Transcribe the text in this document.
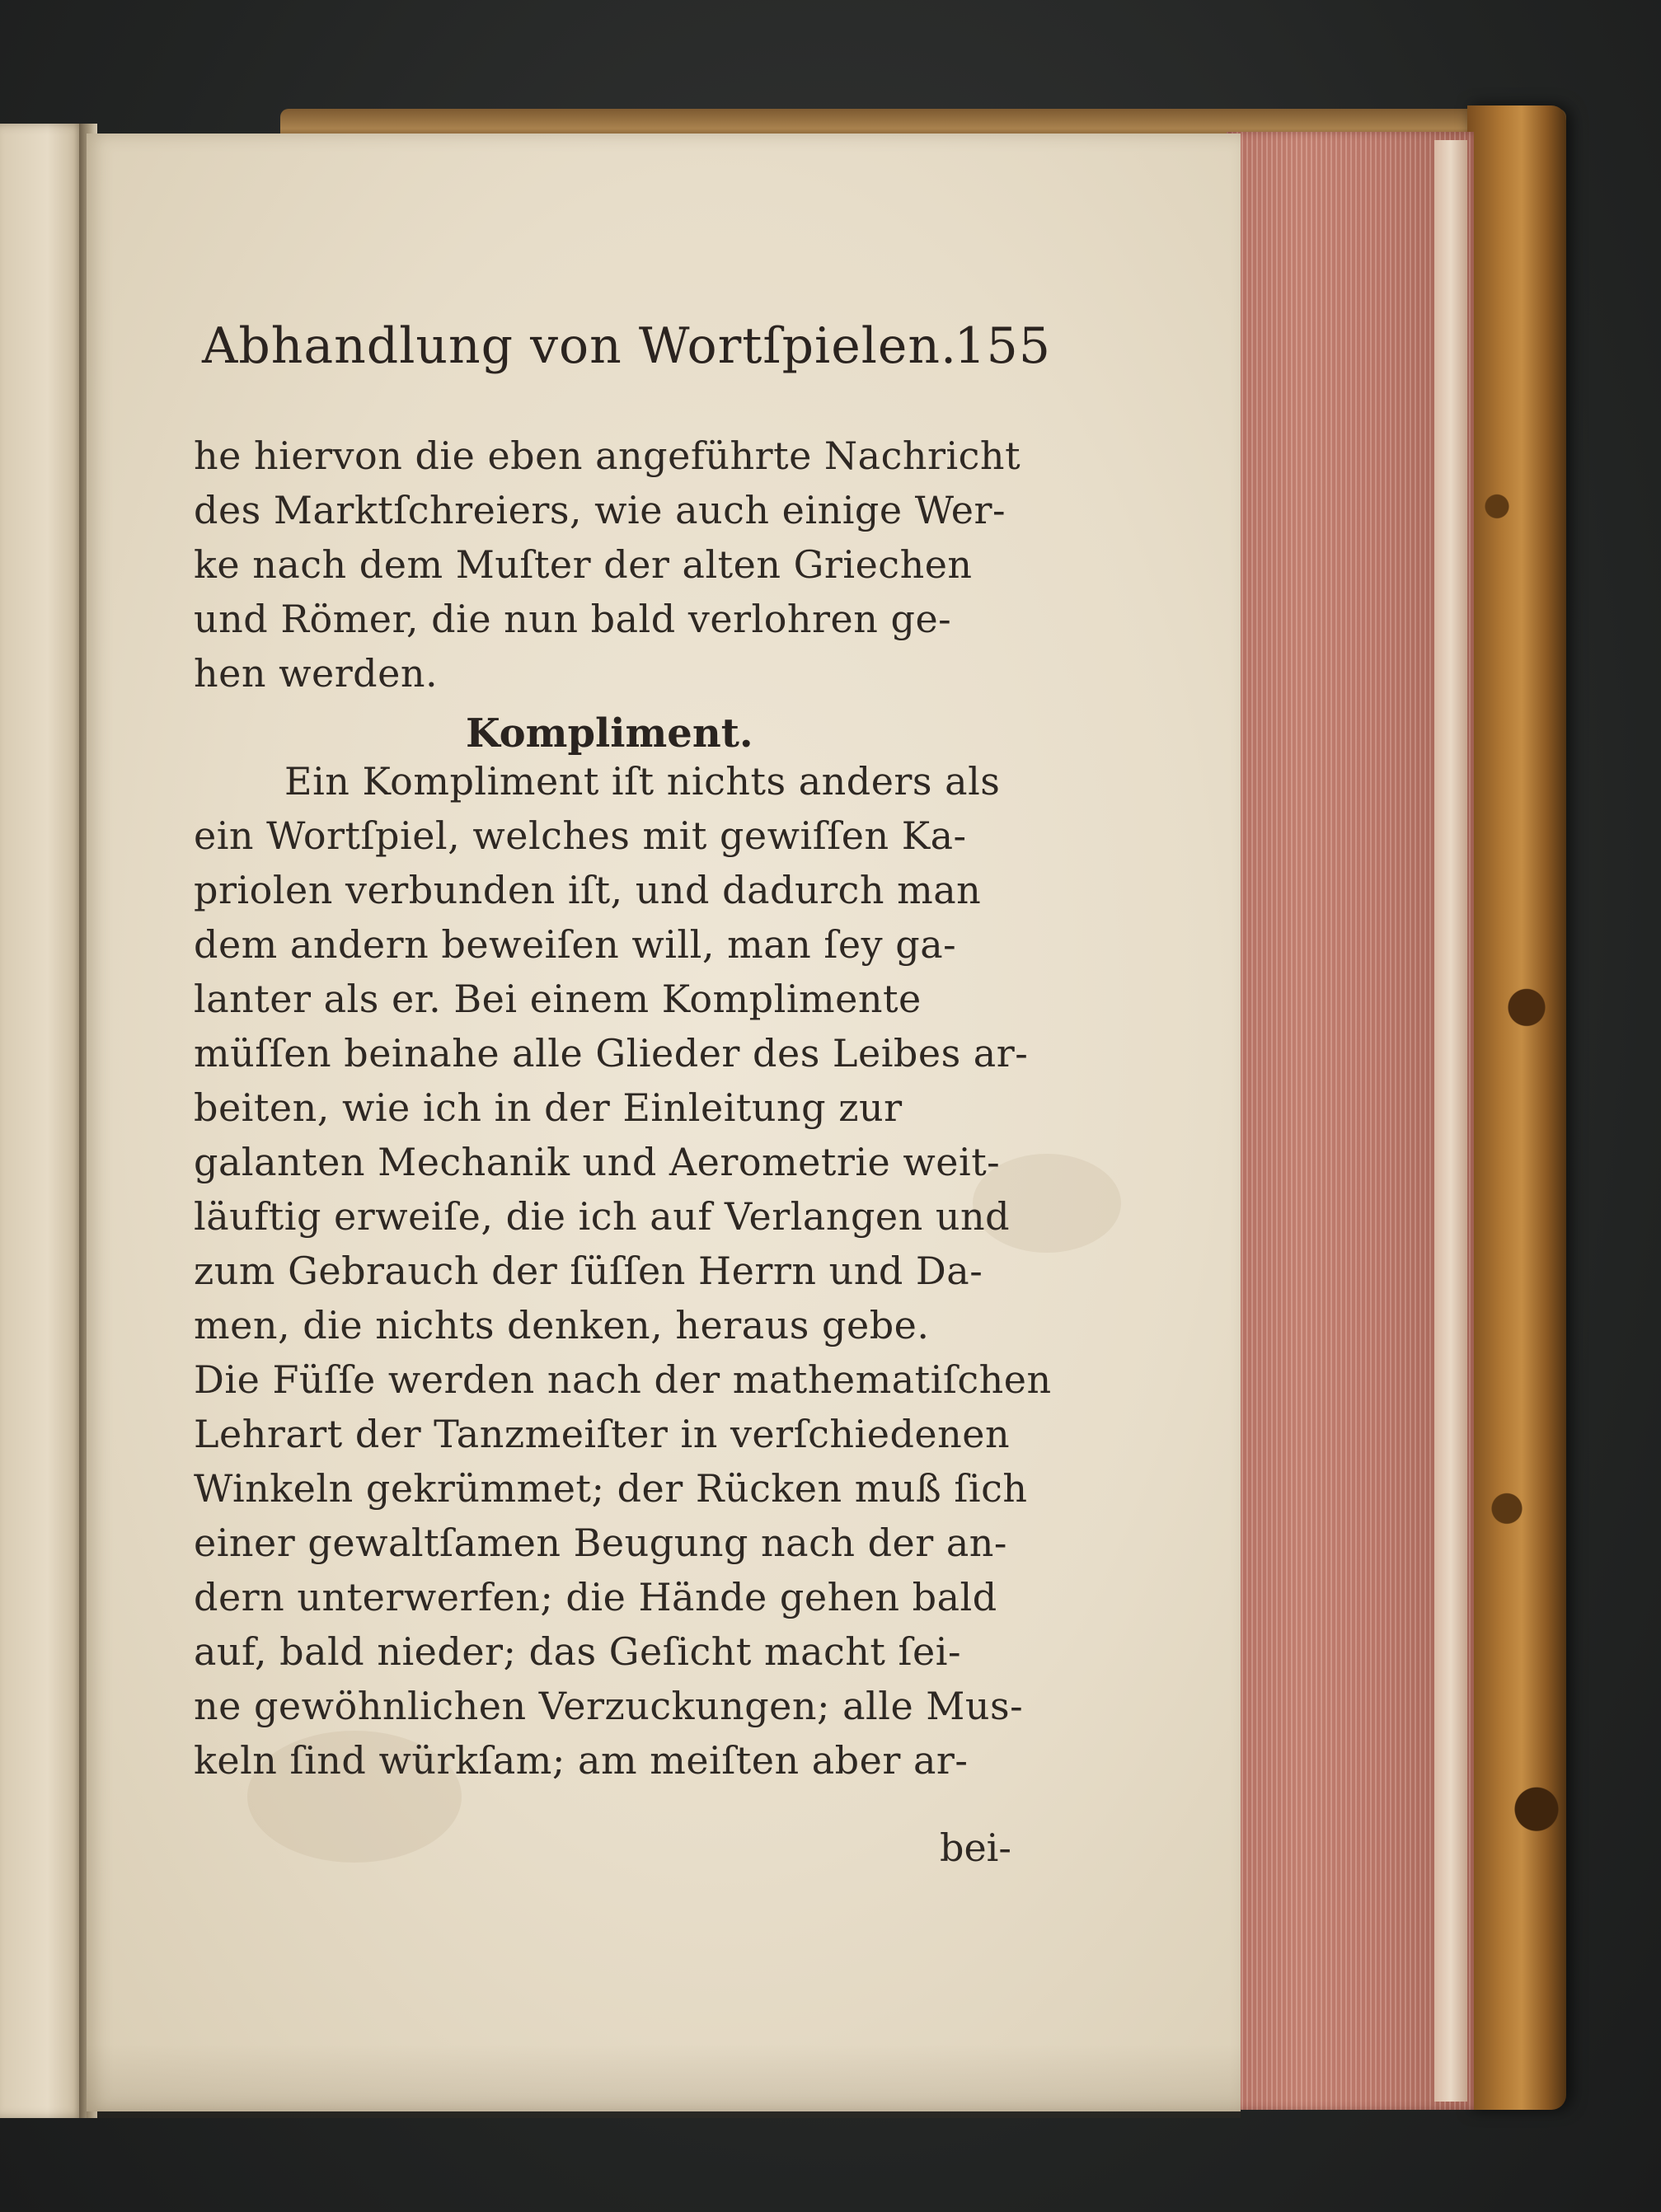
Abhandlung von Wortſpielen.
155
he hiervon die eben angeführte Nachricht
des Marktſchreiers, wie auch einige Wer-
ke nach dem Muſter der alten Griechen
und Römer, die nun bald verlohren ge-
hen werden.
Kompliment.
Ein Kompliment iſt nichts anders als
ein Wortſpiel, welches mit gewiſſen Ka-
priolen verbunden iſt, und dadurch man
dem andern beweiſen will, man ſey ga-
lanter als er. Bei einem Komplimente
müſſen beinahe alle Glieder des Leibes ar-
beiten, wie ich in der Einleitung zur
galanten Mechanik und Aerometrie weit-
läuftig erweiſe, die ich auf Verlangen und
zum Gebrauch der ſüſſen Herrn und Da-
men, die nichts denken, heraus gebe.
Die Füſſe werden nach der mathematiſchen
Lehrart der Tanzmeiſter in verſchiedenen
Winkeln gekrümmet; der Rücken muß ſich
einer gewaltſamen Beugung nach der an-
dern unterwerfen; die Hände gehen bald
auf, bald nieder; das Geſicht macht ſei-
ne gewöhnlichen Verzuckungen; alle Mus-
keln ſind würkſam; am meiſten aber ar-
bei-
